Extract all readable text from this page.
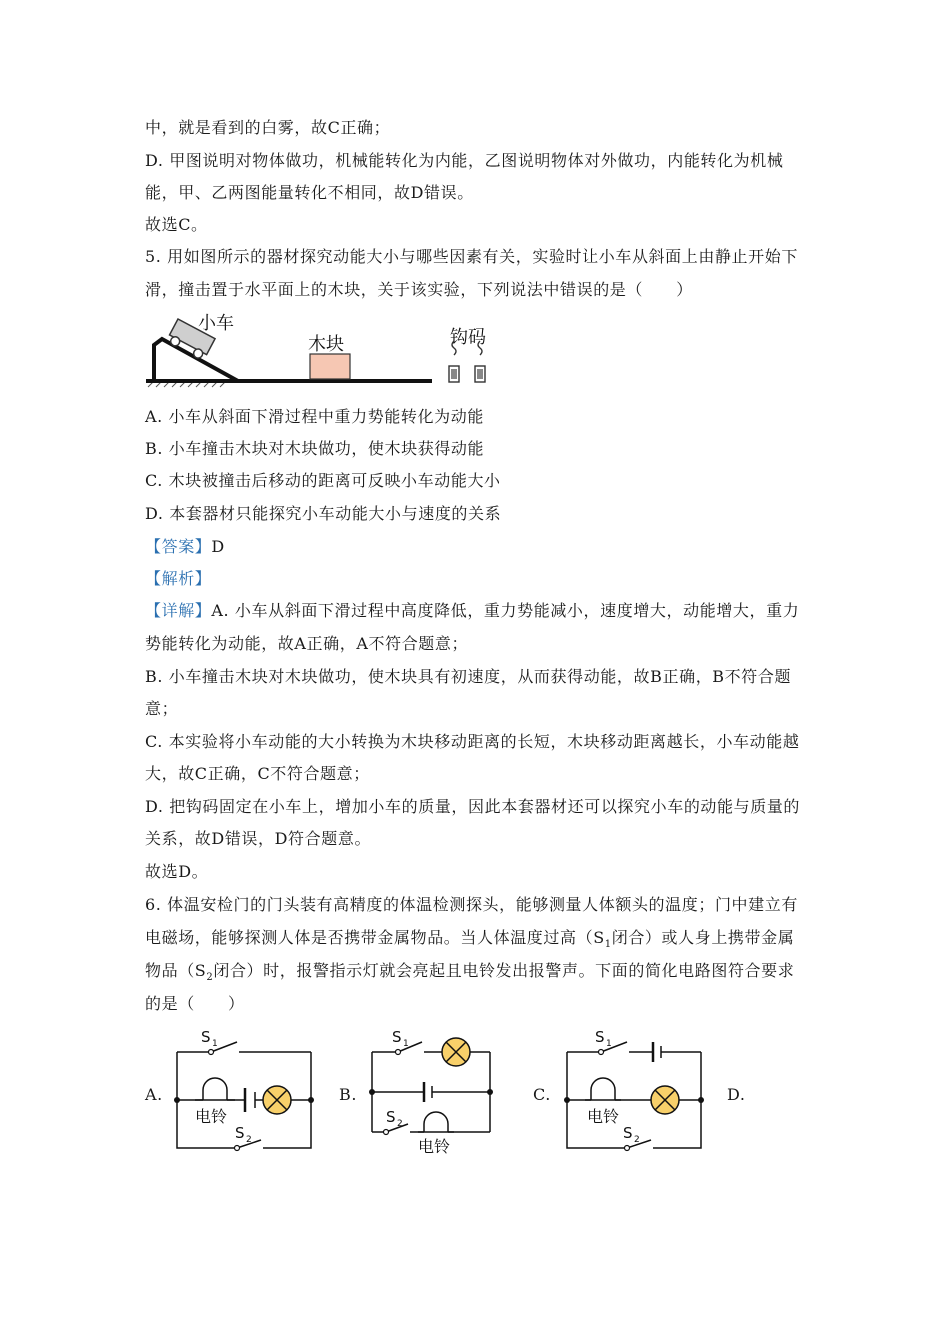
中，就是看到的白雾，故C正确；
D. 甲图说明对物体做功，机械能转化为内能，乙图说明物体对外做功，内能转化为机械
能，甲、乙两图能量转化不相同，故D错误。
故选C。
5. 用如图所示的器材探究动能大小与哪些因素有关，实验时让小车从斜面上由静止开始下
滑，撞击置于水平面上的木块，关于该实验，下列说法中错误的是（　　）
小车
木块	钩码
A. 小车从斜面下滑过程中重力势能转化为动能
B. 小车撞击木块对木块做功，使木块获得动能
C. 木块被撞击后移动的距离可反映小车动能大小
D. 本套器材只能探究小车动能大小与速度的关系
【答案】D
【解析】
【详解】A. 小车从斜面下滑过程中高度降低，重力势能减小，速度增大，动能增大，重力
势能转化为动能，故A正确，A不符合题意；
B. 小车撞击木块对木块做功，使木块具有初速度，从而获得动能，故B正确，B不符合题
意；
C. 本实验将小车动能的大小转换为木块移动距离的长短，木块移动距离越长，小车动能越
大，故C正确，C不符合题意；
D. 把钩码固定在小车上，增加小车的质量，因此本套器材还可以探究小车的动能与质量的
关系，故D错误，D符合题意。
故选D。
6. 体温安检门的门头装有高精度的体温检测探头，能够测量人体额头的温度；门中建立有
电磁场，能够探测人体是否携带金属物品。当人体温度过高（$S_1$闭合）或人身上携带金属
物品（$S_2$闭合）时，报警指示灯就会亮起且电铃发出报警声。下面的简化电路图符合要求
的是（　　）
A.	B.	C.	D.
S 1
S 2
电铃
S 1
S 2
电铃
S 1
S 2
电铃
